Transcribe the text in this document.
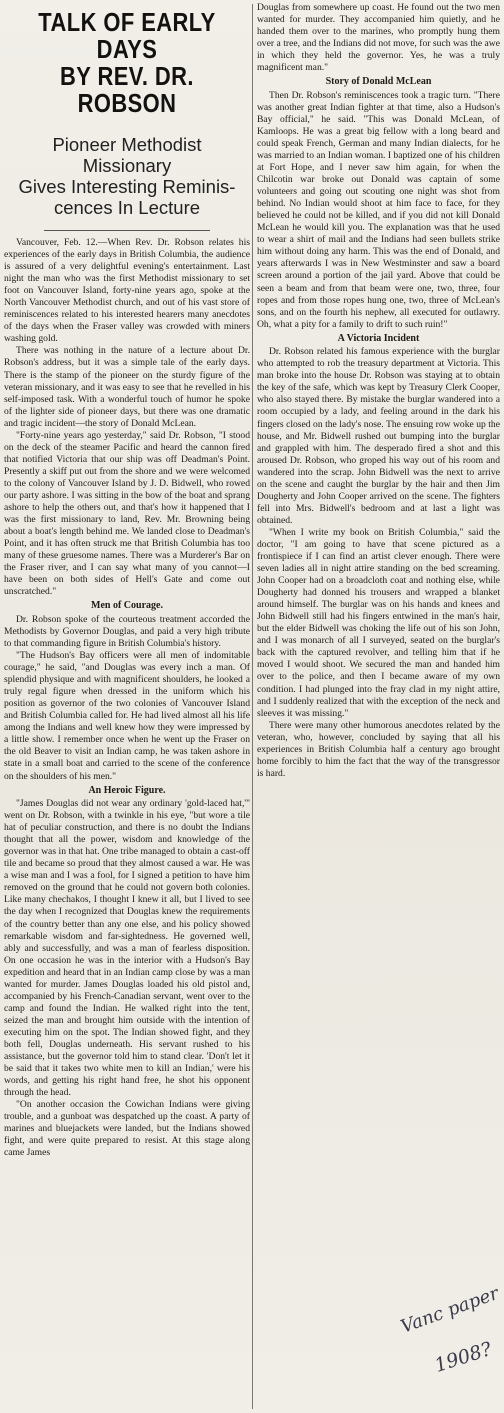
TALK OF EARLY DAYS
BY REV. DR. ROBSON
Pioneer Methodist Missionary
Gives Interesting Reminis-
cences In Lecture

Vancouver, Feb. 12.—When Rev. Dr. Robson relates his experiences of the early days in British Columbia, the audience is assured of a very delightful evening's entertainment. Last night the man who was the first Methodist missionary to set foot on Vancouver Island, forty-nine years ago, spoke at the North Vancouver Methodist church, and out of his vast store of reminiscences related to his interested hearers many anecdotes of the days when the Fraser valley was crowded with miners washing gold.

There was nothing in the nature of a lecture about Dr. Robson's address, but it was a simple tale of the early days. There is the stamp of the pioneer on the sturdy figure of the veteran missionary, and it was easy to see that he revelled in his self-imposed task. With a wonderful touch of humor he spoke of the lighter side of pioneer days, but there was one dramatic and tragic incident—the story of Donald McLean.

"Forty-nine years ago yesterday," said Dr. Robson, "I stood on the deck of the steamer Pacific and heard the cannon fired that notified Victoria that our ship was off Deadman's Point. Presently a skiff put out from the shore and we were welcomed to the colony of Vancouver Island by J. D. Bidwell, who rowed our party ashore. I was sitting in the bow of the boat and sprang ashore to help the others out, and that's how it happened that I was the first missionary to land, Rev. Mr. Browning being about a boat's length behind me. We landed close to Deadman's Point, and it has often struck me that British Columbia has too many of these gruesome names. There was a Murderer's Bar on the Fraser river, and I can say what many of you cannot—I have been on both sides of Hell's Gate and come out unscratched."

Men of Courage.

Dr. Robson spoke of the courteous treatment accorded the Methodists by Governor Douglas, and paid a very high tribute to that commanding figure in British Columbia's history.

"The Hudson's Bay officers were all men of indomitable courage," he said, "and Douglas was every inch a man. Of splendid physique and with magnificent shoulders, he looked a truly regal figure when dressed in the uniform which his position as governor of the two colonies of Vancouver Island and British Columbia called for. He had lived almost all his life among the Indians and well knew how they were impressed by a little show. I remember once when he went up the Fraser on the old Beaver to visit an Indian camp, he was taken ashore in state in a small boat and carried to the scene of the conference on the shoulders of his men."

An Heroic Figure.

"James Douglas did not wear any ordinary 'gold-laced hat,'" went on Dr. Robson, with a twinkle in his eye, "but wore a tile hat of peculiar construction, and there is no doubt the Indians thought that all the power, wisdom and knowledge of the governor was in that hat. One tribe managed to obtain a cast-off tile and became so proud that they almost caused a war. He was a wise man and I was a fool, for I signed a petition to have him removed on the ground that he could not govern both colonies. Like many chechakos, I thought I knew it all, but I lived to see the day when I recognized that Douglas knew the requirements of the country better than any one else, and his policy showed remarkable wisdom and far-sightedness. He governed well, ably and successfully, and was a man of fearless disposition. On one occasion he was in the interior with a Hudson's Bay expedition and heard that in an Indian camp close by was a man wanted for murder. James Douglas loaded his old pistol and, accompanied by his French-Canadian servant, went over to the camp and found the Indian. He walked right into the tent, seized the man and brought him outside with the intention of executing him on the spot. The Indian showed fight, and they both fell, Douglas underneath. His servant rushed to his assistance, but the governor told him to stand clear. 'Don't let it be said that it takes two white men to kill an Indian,' were his words, and getting his right hand free, he shot his opponent through the head.

"On another occasion the Cowichan Indians were giving trouble, and a gunboat was despatched up the coast. A party of marines and bluejackets were landed, but the Indians showed fight, and were quite prepared to resist. At this stage along came James

Douglas from somewhere up coast. He found out the two men wanted for murder. They accompanied him quietly, and he handed them over to the marines, who promptly hung them over a tree, and the Indians did not move, for such was the awe in which they held the governor. Yes, he was a truly magnificent man."

Story of Donald McLean

Then Dr. Robson's reminiscences took a tragic turn. "There was another great Indian fighter at that time, also a Hudson's Bay official," he said. "This was Donald McLean, of Kamloops. He was a great big fellow with a long beard and could speak French, German and many Indian dialects, for he was married to an Indian woman. I baptized one of his children at Fort Hope, and I never saw him again, for when the Chilcotin war broke out Donald was captain of some volunteers and going out scouting one night was shot from behind. No Indian would shoot at him face to face, for they believed he could not be killed, and if you did not kill Donald McLean he would kill you. The explanation was that he used to wear a shirt of mail and the Indians had seen bullets strike him without doing any harm. This was the end of Donald, and years afterwards I was in New Westminster and saw a board screen around a portion of the jail yard. Above that could be seen a beam and from that beam were one, two, three, four ropes and from those ropes hung one, two, three of McLean's sons, and on the fourth his nephew, all executed for outlawry. Oh, what a pity for a family to drift to such ruin!"

A Victoria Incident

Dr. Robson related his famous experience with the burglar who attempted to rob the treasury department at Victoria. This man broke into the house Dr. Robson was staying at to obtain the key of the safe, which was kept by Treasury Clerk Cooper, who also stayed there. By mistake the burglar wandered into a room occupied by a lady, and feeling around in the dark his fingers closed on the lady's nose. The ensuing row woke up the house, and Mr. Bidwell rushed out bumping into the burglar and grappled with him. The desperado fired a shot and this aroused Dr. Robson, who groped his way out of his room and wandered into the scrap. John Bidwell was the next to arrive on the scene and caught the burglar by the hair and then Jim Dougherty and John Cooper arrived on the scene. The fighters fell into Mrs. Bidwell's bedroom and at last a light was obtained.

"When I write my book on British Columbia," said the doctor, "I am going to have that scene pictured as a frontispiece if I can find an artist clever enough. There were seven ladies all in night attire standing on the bed screaming. John Cooper had on a broadcloth coat and nothing else, while Dougherty had donned his trousers and wrapped a blanket around himself. The burglar was on his hands and knees and John Bidwell still had his fingers entwined in the man's hair, but the elder Bidwell was choking the life out of his son John, and I was monarch of all I surveyed, seated on the burglar's back with the captured revolver, and telling him that if he moved I would shoot. We secured the man and handed him over to the police, and then I became aware of my own condition. I had plunged into the fray clad in my night attire, and I suddenly realized that with the exception of the neck and sleeves it was missing."

There were many other humorous anecdotes related by the veteran, who, however, concluded by saying that all his experiences in British Columbia half a century ago brought home forcibly to him the fact that the way of the transgressor is hard.

Vanc paper
1908?
